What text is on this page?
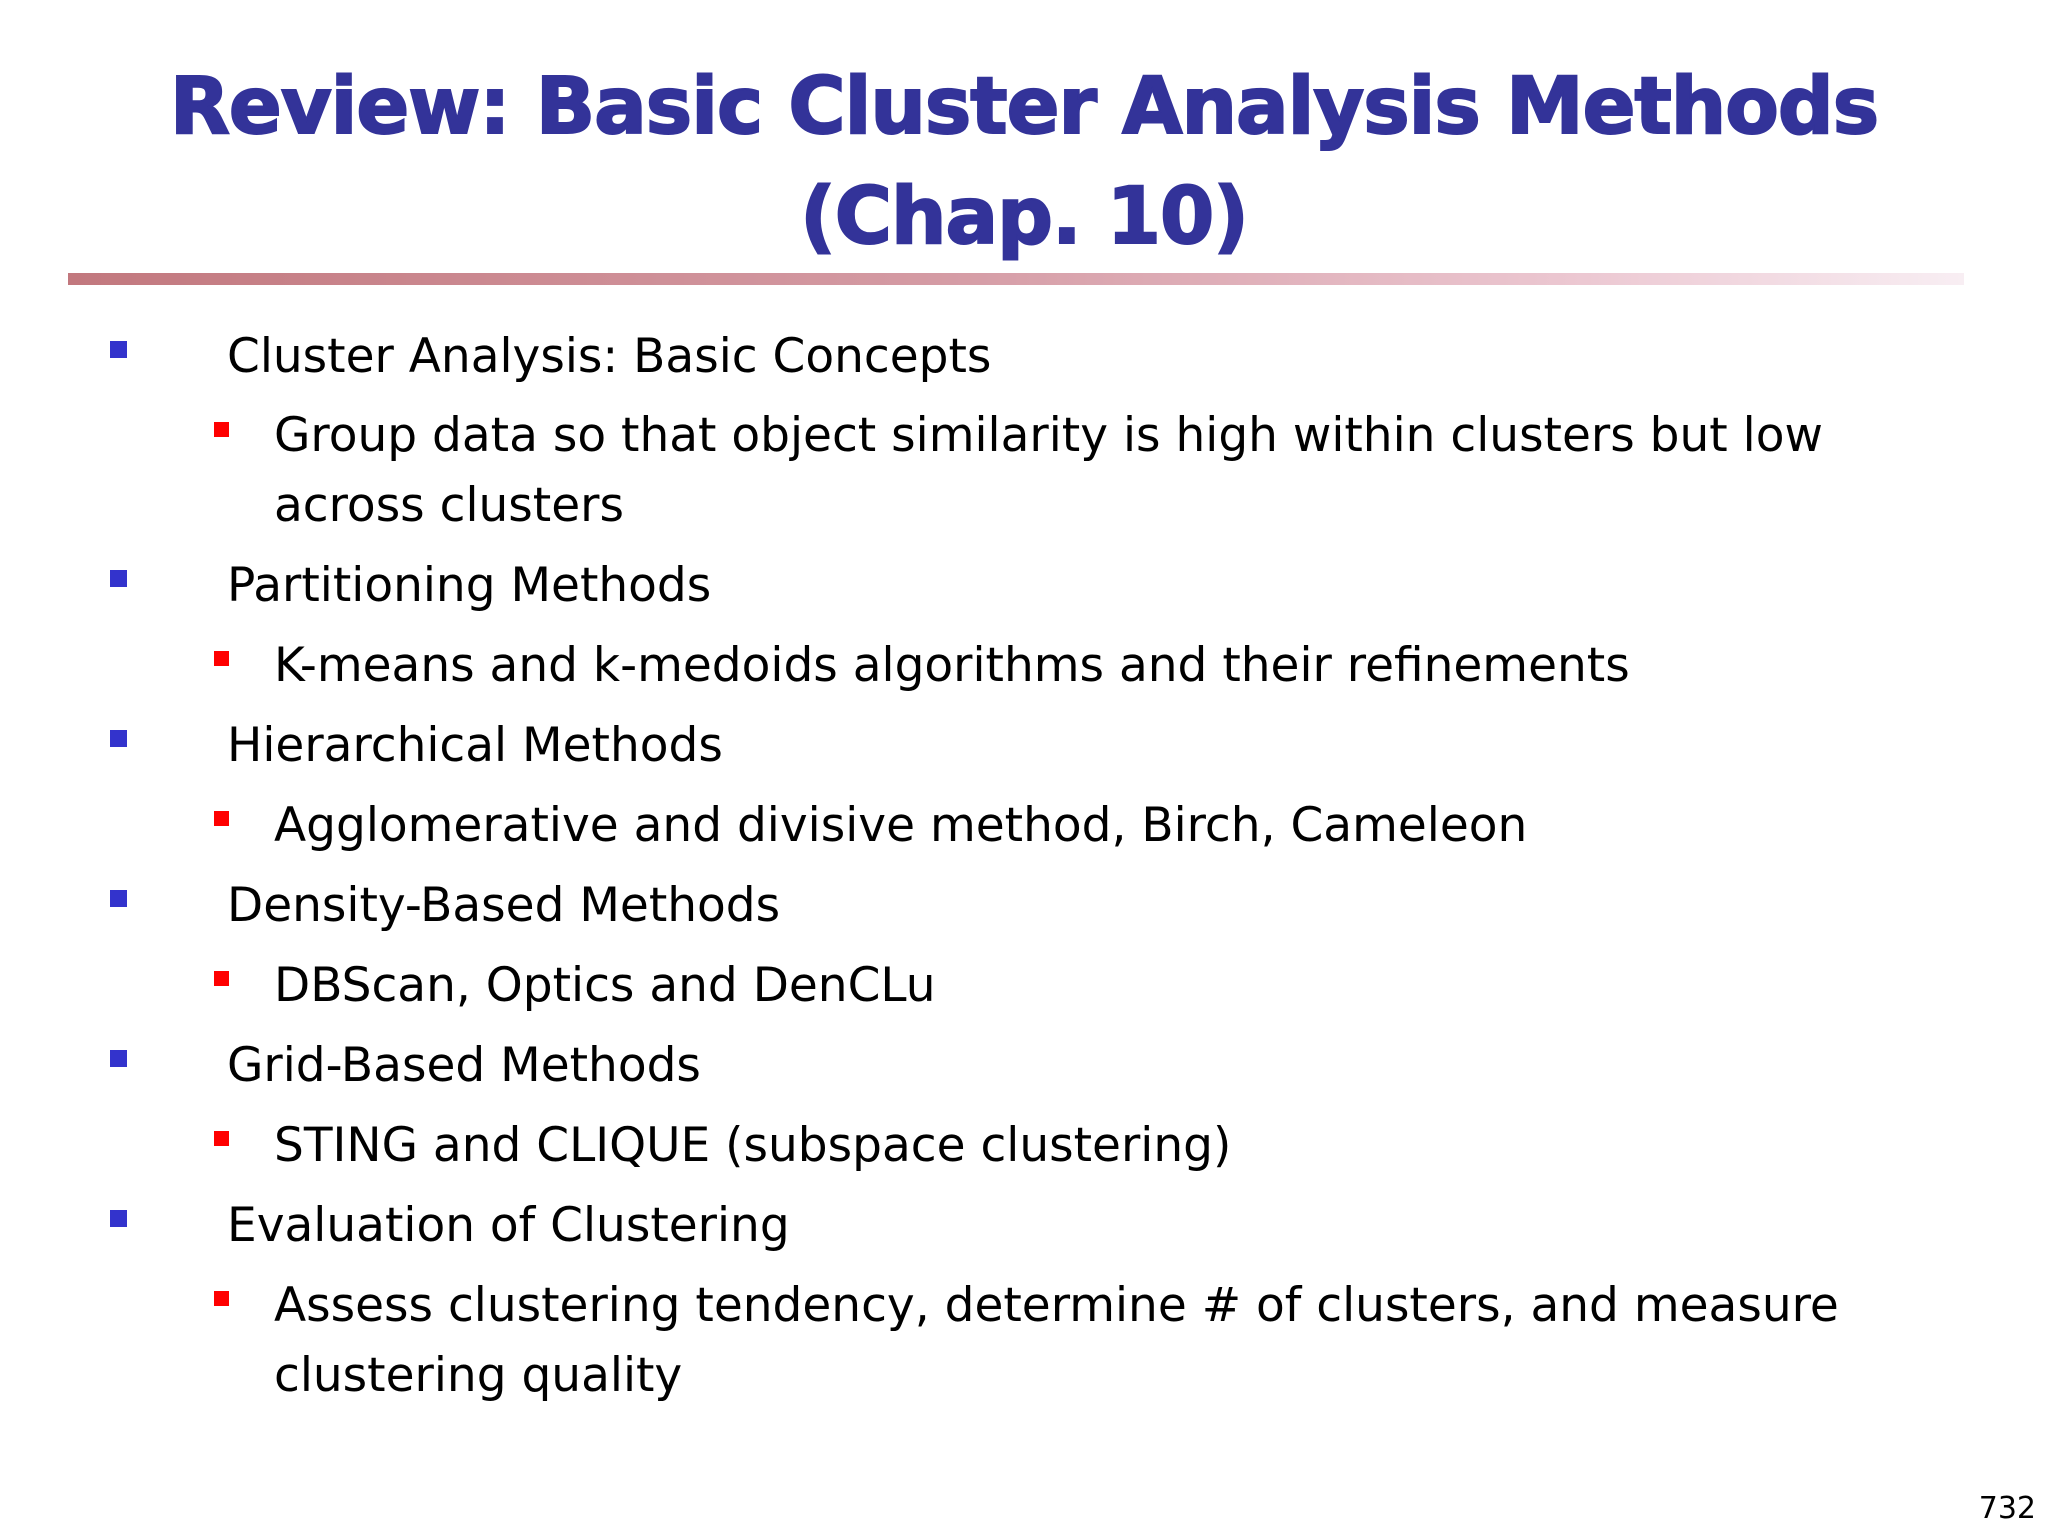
Review: Basic Cluster Analysis Methods (Chap. 10)
Cluster Analysis: Basic Concepts
Group data so that object similarity is high within clusters but low across clusters
Partitioning Methods
K-means and k-medoids algorithms and their refinements
Hierarchical Methods
Agglomerative and divisive method, Birch, Cameleon
Density-Based Methods
DBScan, Optics and DenCLu
Grid-Based Methods
STING and CLIQUE (subspace clustering)
Evaluation of Clustering
Assess clustering tendency, determine # of clusters, and measure clustering quality
732
